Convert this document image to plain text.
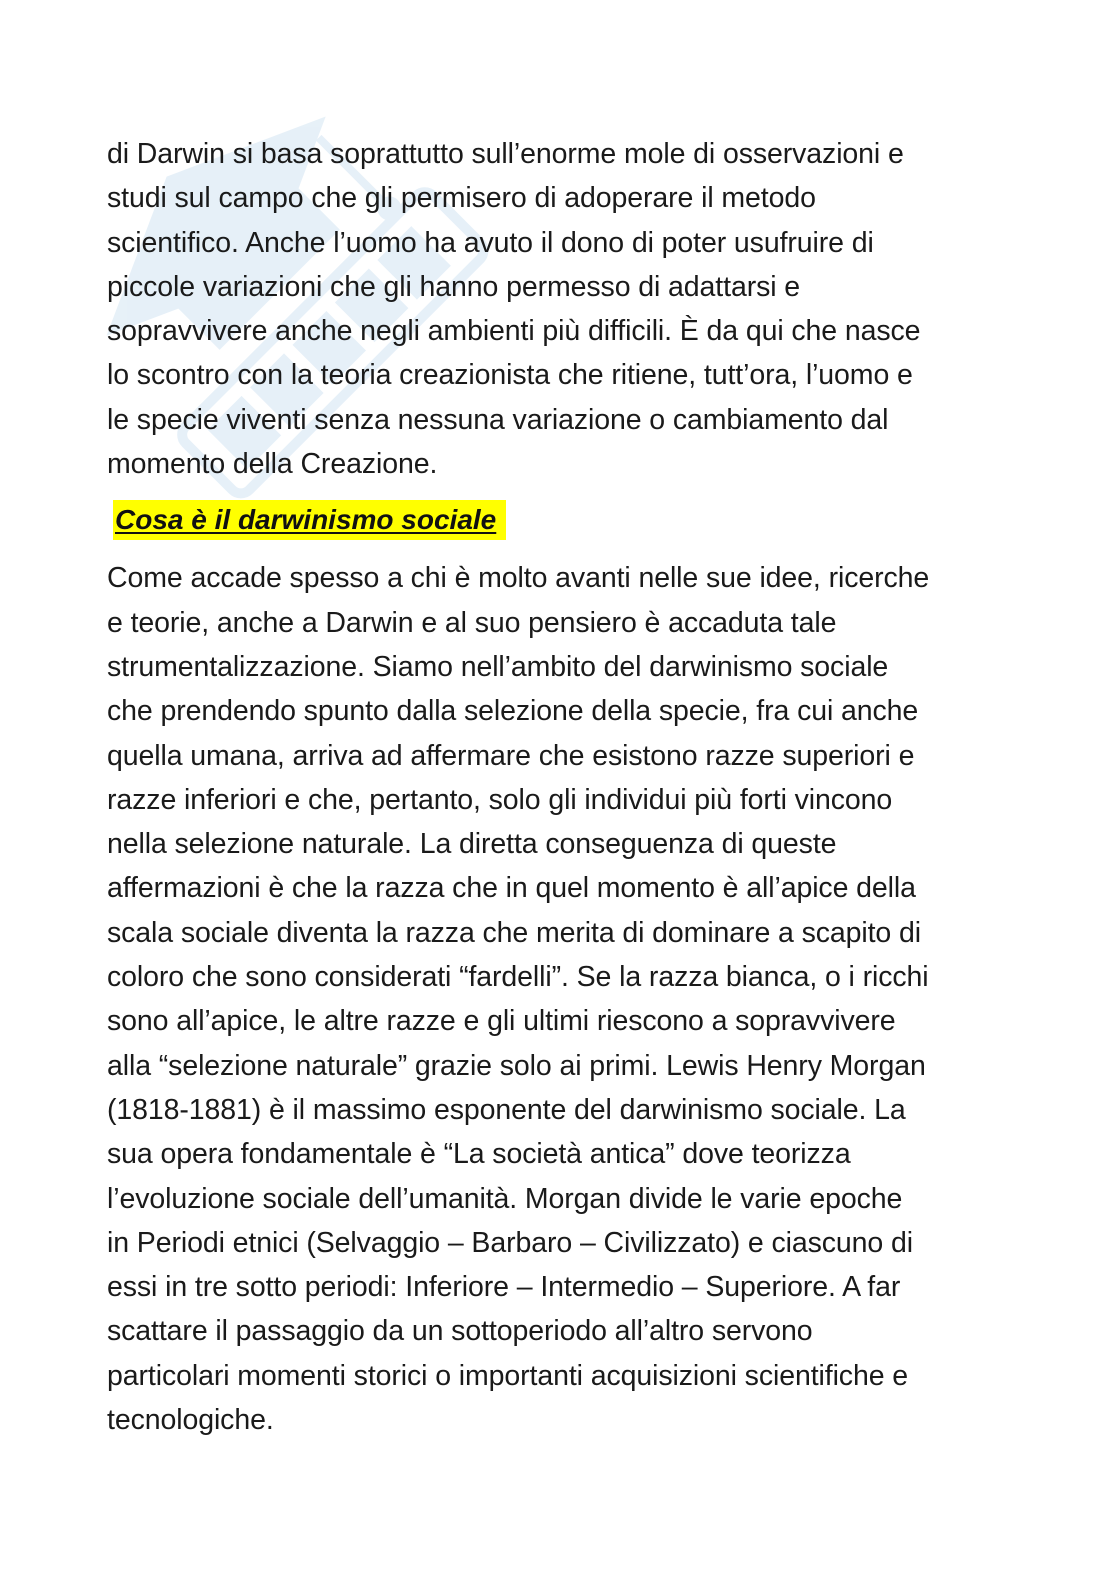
di Darwin si basa soprattutto sull’enorme mole di osservazioni e
studi sul campo che gli permisero di adoperare il metodo
scientifico. Anche l’uomo ha avuto il dono di poter usufruire di
piccole variazioni che gli hanno permesso di adattarsi e
sopravvivere anche negli ambienti più difficili. È da qui che nasce
lo scontro con la teoria creazionista che ritiene, tutt’ora, l’uomo e
le specie viventi senza nessuna variazione o cambiamento dal
momento della Creazione.

Cosa è il darwinismo sociale

Come accade spesso a chi è molto avanti nelle sue idee, ricerche
e teorie, anche a Darwin e al suo pensiero è accaduta tale
strumentalizzazione. Siamo nell’ambito del darwinismo sociale
che prendendo spunto dalla selezione della specie, fra cui anche
quella umana, arriva ad affermare che esistono razze superiori e
razze inferiori e che, pertanto, solo gli individui più forti vincono
nella selezione naturale. La diretta conseguenza di queste
affermazioni è che la razza che in quel momento è all’apice della
scala sociale diventa la razza che merita di dominare a scapito di
coloro che sono considerati “fardelli”. Se la razza bianca, o i ricchi
sono all’apice, le altre razze e gli ultimi riescono a sopravvivere
alla “selezione naturale” grazie solo ai primi. Lewis Henry Morgan
(1818-1881) è il massimo esponente del darwinismo sociale. La
sua opera fondamentale è “La società antica” dove teorizza
l’evoluzione sociale dell’umanità. Morgan divide le varie epoche
in Periodi etnici (Selvaggio – Barbaro – Civilizzato) e ciascuno di
essi in tre sotto periodi: Inferiore – Intermedio – Superiore. A far
scattare il passaggio da un sottoperiodo all’altro servono
particolari momenti storici o importanti acquisizioni scientifiche e
tecnologiche.
